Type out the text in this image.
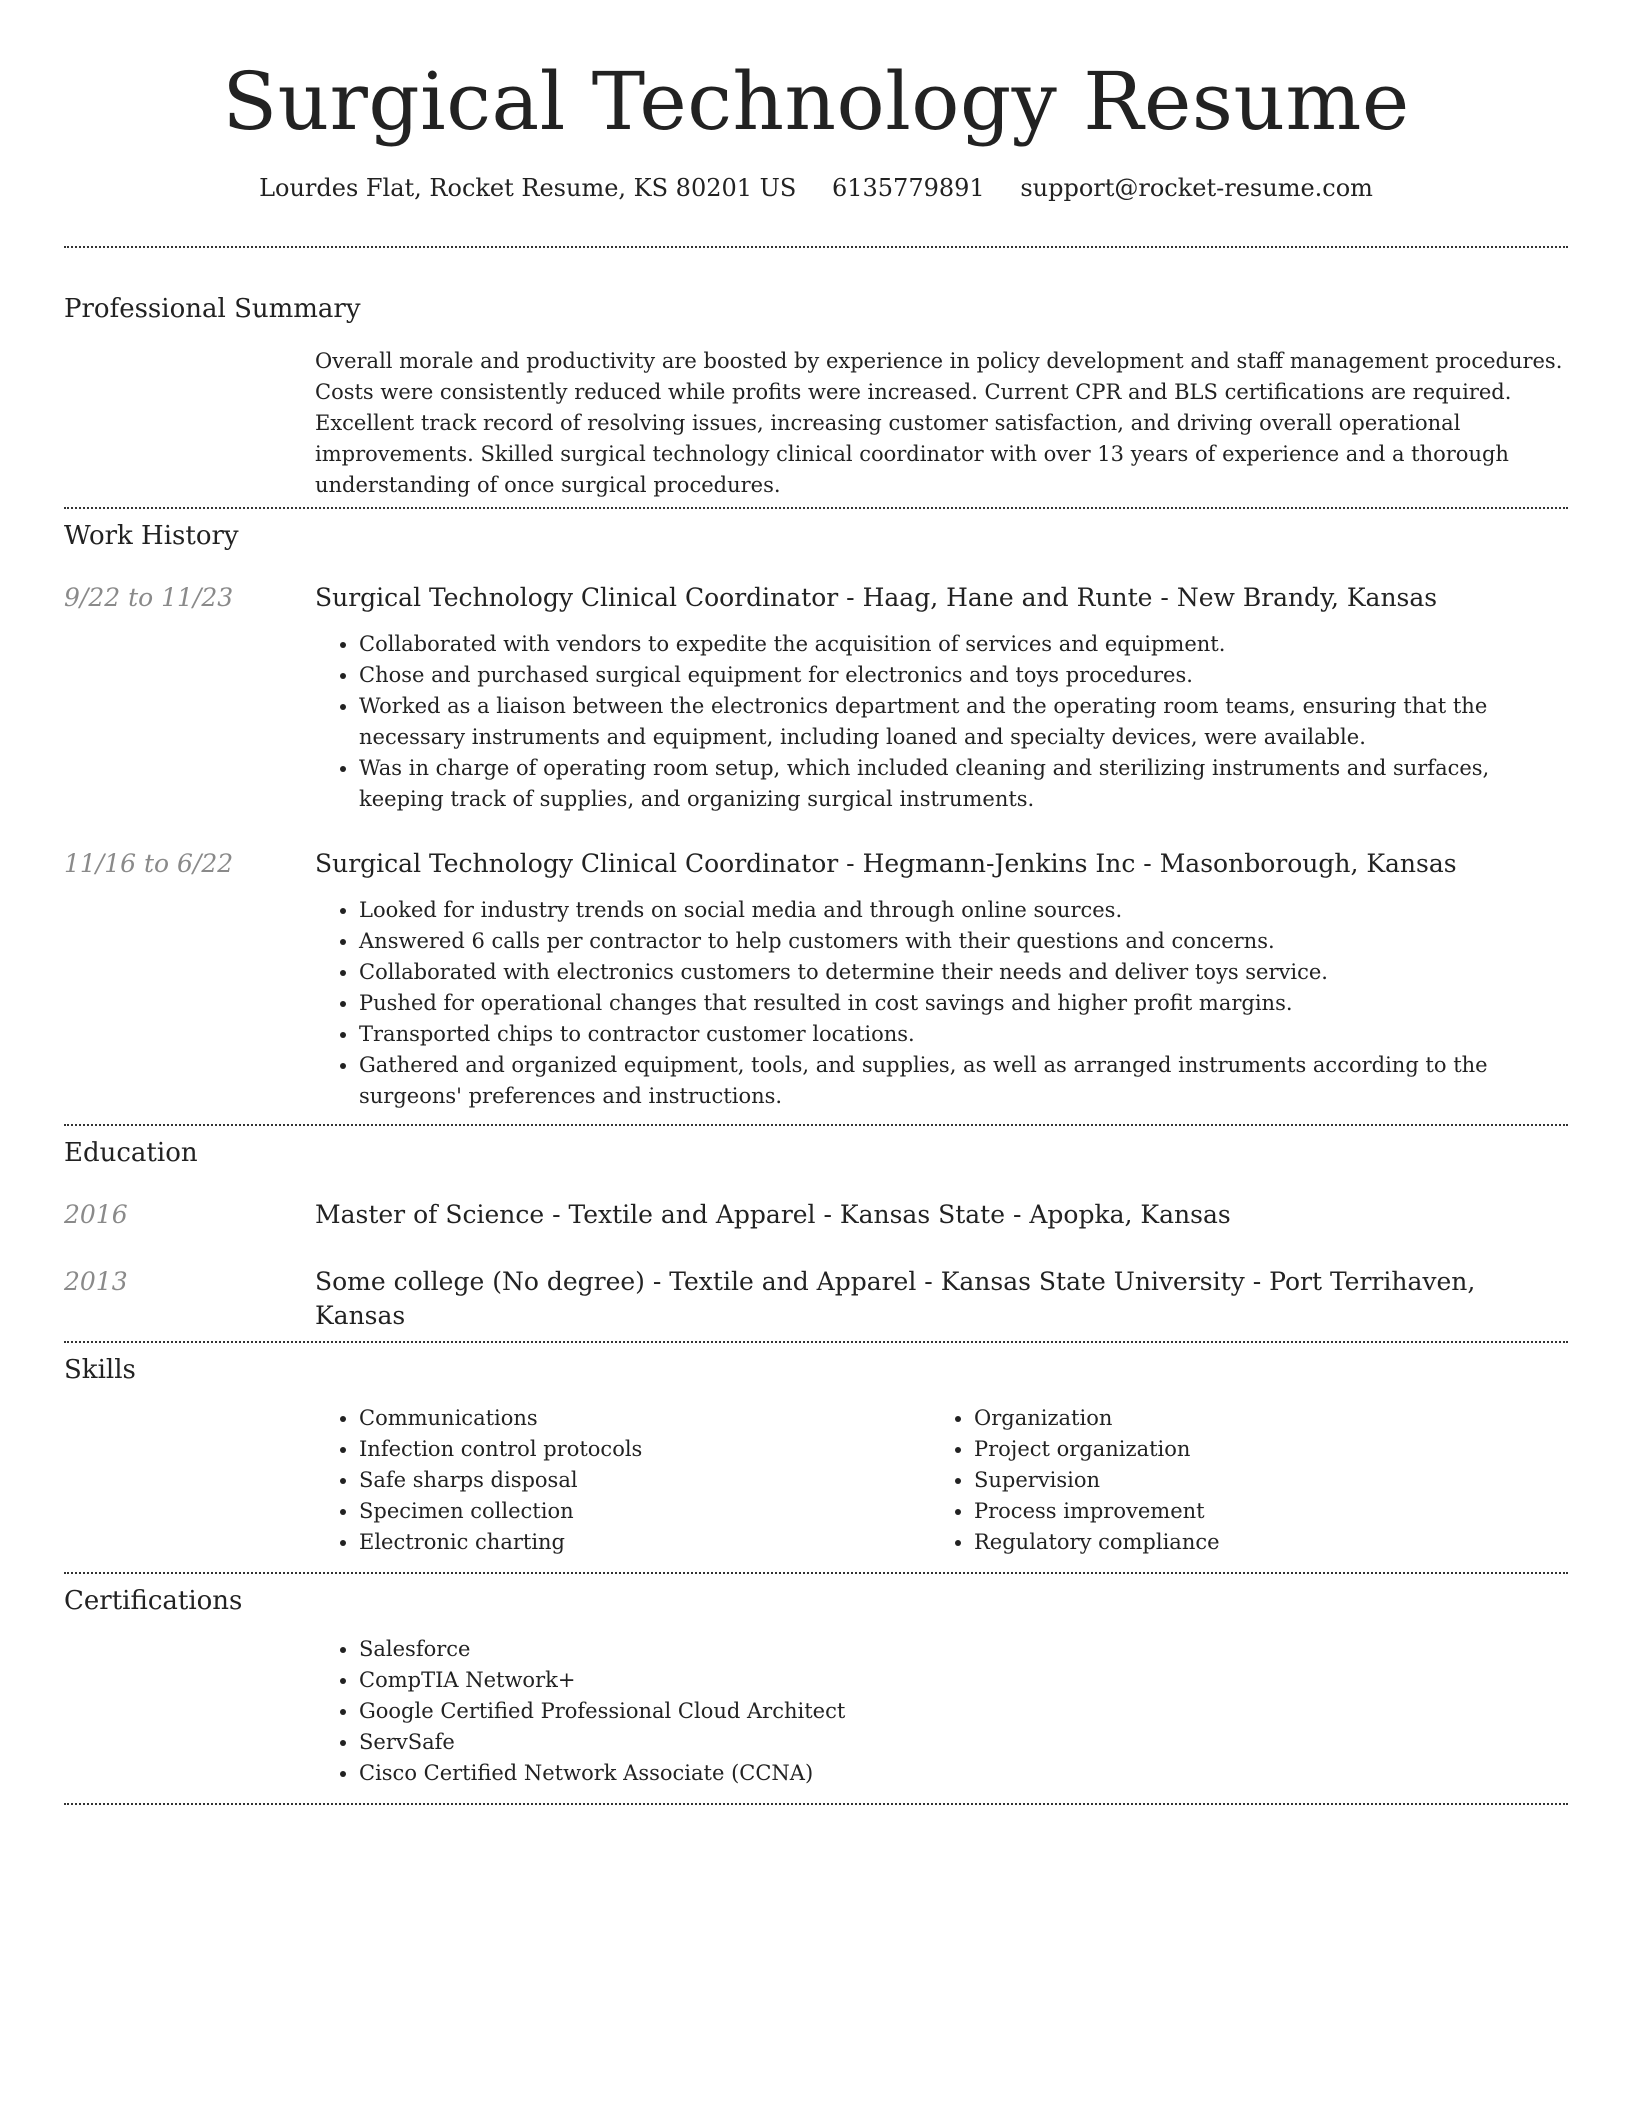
Surgical Technology Resume
Lourdes Flat, Rocket Resume, KS 80201 US 6135779891 support@rocket-resume.com
Professional Summary

Overall morale and productivity are boosted by experience in policy development and staff management procedures. Costs were consistently reduced while profits were increased. Current CPR and BLS certifications are required. Excellent track record of resolving issues, increasing customer satisfaction, and driving overall operational improvements. Skilled surgical technology clinical coordinator with over 13 years of experience and a thorough understanding of once surgical procedures.

Work History
9/22 to 11/23	Surgical Technology Clinical Coordinator - Haag, Hane and Runte - New Brandy, Kansas
• Collaborated with vendors to expedite the acquisition of services and equipment.
• Chose and purchased surgical equipment for electronics and toys procedures.
• Worked as a liaison between the electronics department and the operating room teams, ensuring that the necessary instruments and equipment, including loaned and specialty devices, were available.
• Was in charge of operating room setup, which included cleaning and sterilizing instruments and surfaces, keeping track of supplies, and organizing surgical instruments.
11/16 to 6/22	Surgical Technology Clinical Coordinator - Hegmann-Jenkins Inc - Masonborough, Kansas
• Looked for industry trends on social media and through online sources.
• Answered 6 calls per contractor to help customers with their questions and concerns.
• Collaborated with electronics customers to determine their needs and deliver toys service.
• Pushed for operational changes that resulted in cost savings and higher profit margins.
• Transported chips to contractor customer locations.
• Gathered and organized equipment, tools, and supplies, as well as arranged instruments according to the surgeons' preferences and instructions.
Education
2016	Master of Science - Textile and Apparel - Kansas State - Apopka, Kansas
2013	Some college (No degree) - Textile and Apparel - Kansas State University - Port Terrihaven, Kansas
Skills
• Communications
• Infection control protocols
• Safe sharps disposal
• Specimen collection
• Electronic charting
• Organization
• Project organization
• Supervision
• Process improvement
• Regulatory compliance
Certifications
• Salesforce
• CompTIA Network+
• Google Certified Professional Cloud Architect
• ServSafe
• Cisco Certified Network Associate (CCNA)
